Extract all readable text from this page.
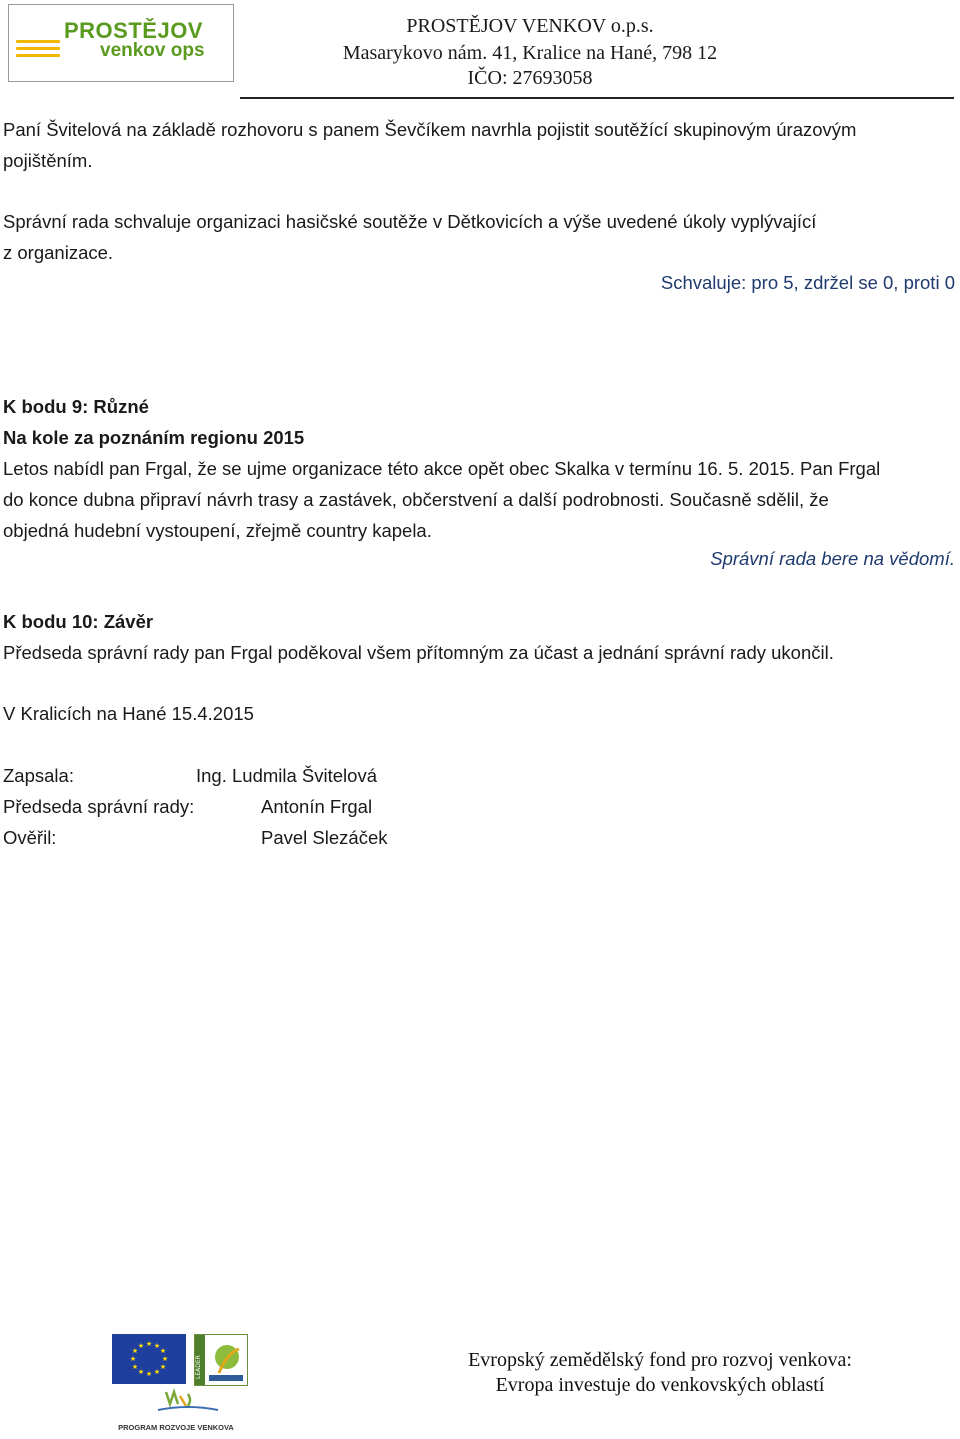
PROSTĚJOV
venkov ops
PROSTĚJOV VENKOV o.p.s.
Masarykovo nám. 41, Kralice na Hané, 798 12
IČO: 27693058
Paní Švitelová na základě rozhovoru s panem Ševčíkem navrhla pojistit soutěžící skupinovým úrazovým
pojištěním.
Správní rada schvaluje organizaci hasičské soutěže v Dětkovicích a výše uvedené úkoly vyplývající
z organizace.
Schvaluje: pro 5, zdržel se 0, proti 0
K bodu 9: Různé
Na kole za poznáním regionu 2015
Letos nabídl pan Frgal, že se ujme organizace této akce opět obec Skalka v termínu 16. 5. 2015. Pan Frgal
do konce dubna připraví návrh trasy a zastávek, občerstvení a další podrobnosti. Současně sdělil, že
objedná hudební vystoupení, zřejmě country kapela.
Správní rada bere na vědomí.
K bodu 10: Závěr
Předseda správní rady pan Frgal poděkoval všem přítomným za účast a jednání správní rady ukončil.
V Kralicích na Hané 15.4.2015
Zapsala:	Ing. Ludmila Švitelová
Předseda správní rady:	Antonín Frgal
Ověřil:	Pavel Slezáček
★ ★
★
★
★
★
★
★
★
★
★
★
LEADER
PROGRAM ROZVOJE VENKOVA
Evropský zemědělský fond pro rozvoj venkova:
Evropa investuje do venkovských oblastí
